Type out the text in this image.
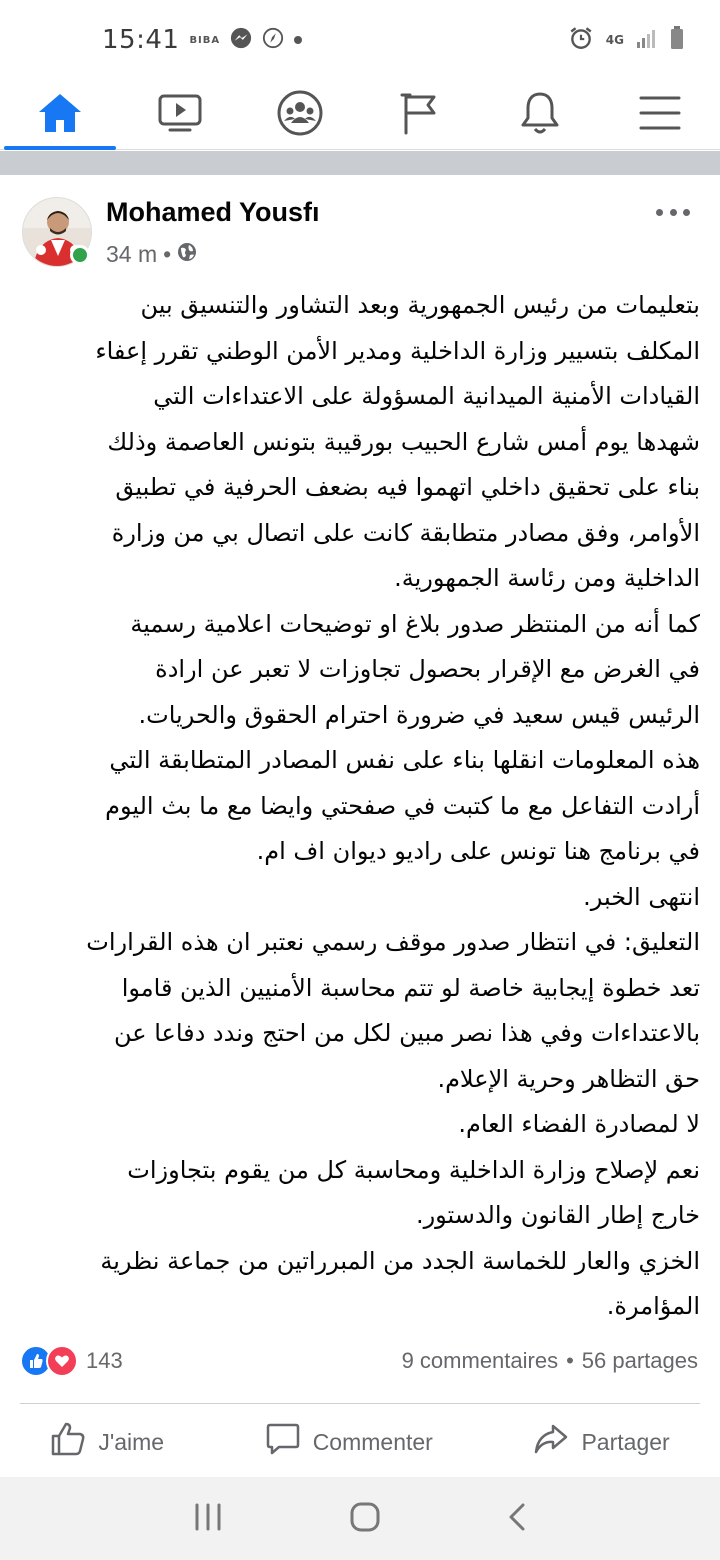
15:41 BIBA	4G
Mohamed Yousfı
34 m •

بتعليمات من رئيس الجمهورية وبعد التشاور والتنسيق بين

المكلف بتسيير وزارة الداخلية ومدير الأمن الوطني تقرر إعفاء

القيادات الأمنية الميدانية المسؤولة على الاعتداءات التي

شهدها يوم أمس شارع الحبيب بورقيبة بتونس العاصمة وذلك

بناء على تحقيق داخلي اتهموا فيه بضعف الحرفية في تطبيق

الأوامر، وفق مصادر متطابقة كانت على اتصال بي من وزارة

الداخلية ومن رئاسة الجمهورية.

كما أنه من المنتظر صدور بلاغ او توضيحات اعلامية رسمية

في الغرض مع الإقرار بحصول تجاوزات لا تعبر عن ارادة

الرئيس قيس سعيد في ضرورة احترام الحقوق والحريات.

هذه المعلومات انقلها بناء على نفس المصادر المتطابقة التي

أرادت التفاعل مع ما كتبت في صفحتي وايضا مع ما بث اليوم

في برنامج هنا تونس على راديو ديوان اف ام.

انتهى الخبر.

التعليق: في انتظار صدور موقف رسمي نعتبر ان هذه القرارات

تعد خطوة إيجابية خاصة لو تتم محاسبة الأمنيين الذين قاموا

بالاعتداءات وفي هذا نصر مبين لكل من احتج وندد دفاعا عن

حق التظاهر وحرية الإعلام.

لا لمصادرة الفضاء العام.

نعم لإصلاح وزارة الداخلية ومحاسبة كل من يقوم بتجاوزات

خارج إطار القانون والدستور.

الخزي والعار للخماسة الجدد من المبرراتين من جماعة نظرية

المؤامرة.

143	9 commentaires • 56 partages
J'aime	Commenter	Partager
